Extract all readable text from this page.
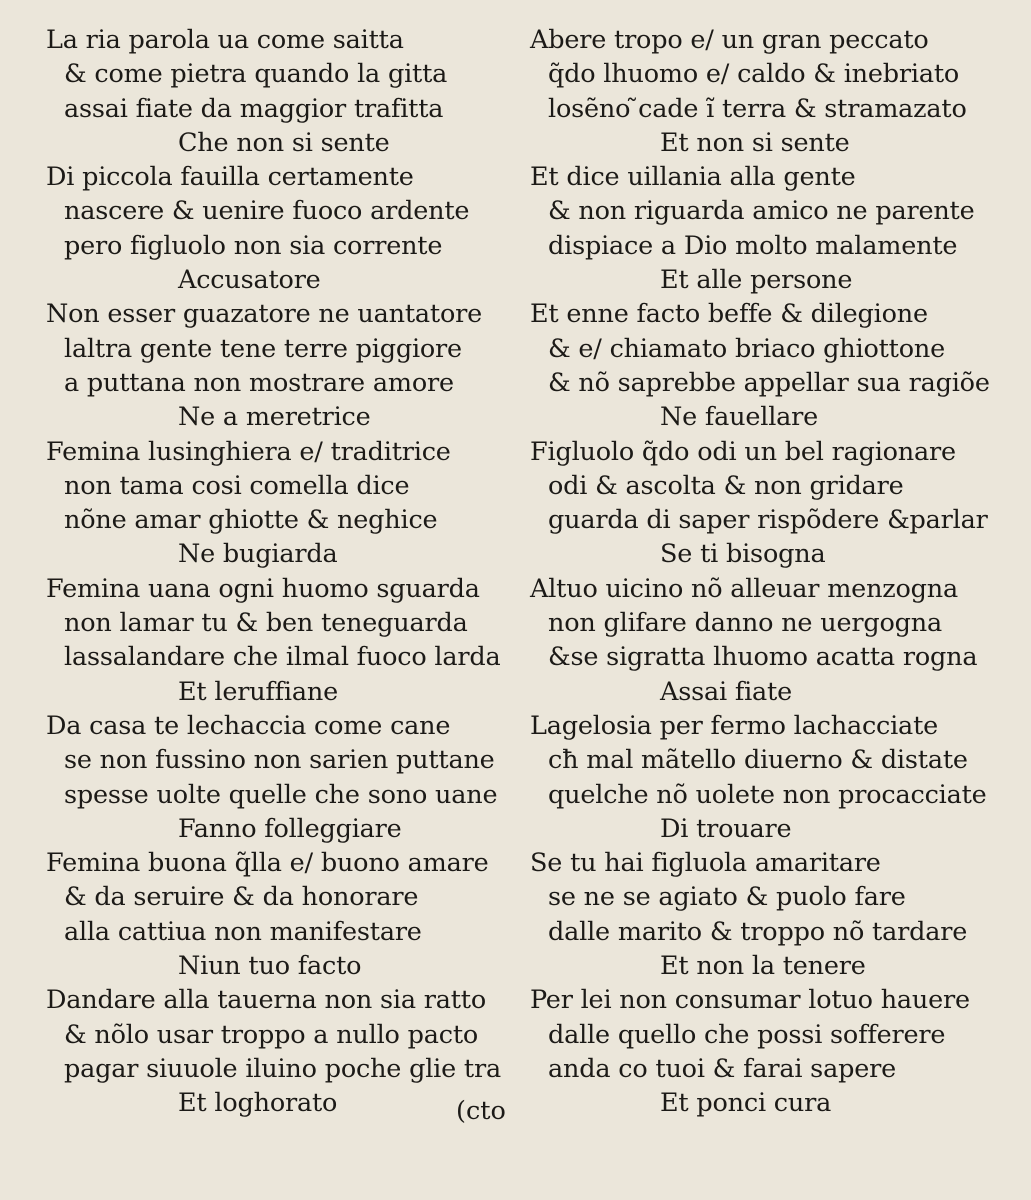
La ria parola ua come saitta
& come pietra quando la gitta
assai fiate da maggior trafitta
Che non si sente
Di piccola fauilla certamente
nascere & uenire fuoco ardente
pero figluolo non sia corrente
Accusatore
Non esser guazatore ne uantatore
laltra gente tene terre piggiore
a puttana non mostrare amore
Ne a meretrice
Femina lusinghiera e/ traditrice
non tama cosi comella dice
nõne amar ghiotte & neghice
Ne bugiarda
Femina uana ogni huomo sguarda
non lamar tu & ben teneguarda
lassalandare che ilmal fuoco larda
Et leruffiane
Da casa te lechaccia come cane
se non fussino non sarien puttane
spesse uolte quelle che sono uane
Fanno folleggiare
Femina buona q̃lla e/ buono amare
& da seruire & da honorare
alla cattiua non manifestare
Niun tuo facto
Dandare alla tauerna non sia ratto
& nõlo usar troppo a nullo pacto
pagar siuuole iluino poche glie tra
Et loghorato
Abere tropo e/ un gran peccato
q̃do lhuomo e/ caldo & inebriato
losẽno ̃cade ĩ terra & stramazato
Et non si sente
Et dice uillania alla gente
& non riguarda amico ne parente
dispiace a Dio molto malamente
Et alle persone
Et enne facto beffe & dilegione
& e/ chiamato briaco ghiottone
& nõ saprebbe appellar sua ragiõe
Ne fauellare
Figluolo q̃do odi un bel ragionare
odi & ascolta & non gridare
guarda di saper rispõdere &parlar
Se ti bisogna
Altuo uicino nõ alleuar menzogna
non glifare danno ne uergogna
&se sigratta lhuomo acatta rogna
Assai fiate
Lagelosia per fermo lachacciate
cħ mal mãtello diuerno & distate
quelche nõ uolete non procacciate
Di trouare
Se tu hai figluola amaritare
se ne se agiato & puolo fare
dalle marito & troppo nõ tardare
Et non la tenere
Per lei non consumar lotuo hauere
dalle quello che possi sofferere
anda co tuoi & farai sapere
Et ponci cura
(cto
